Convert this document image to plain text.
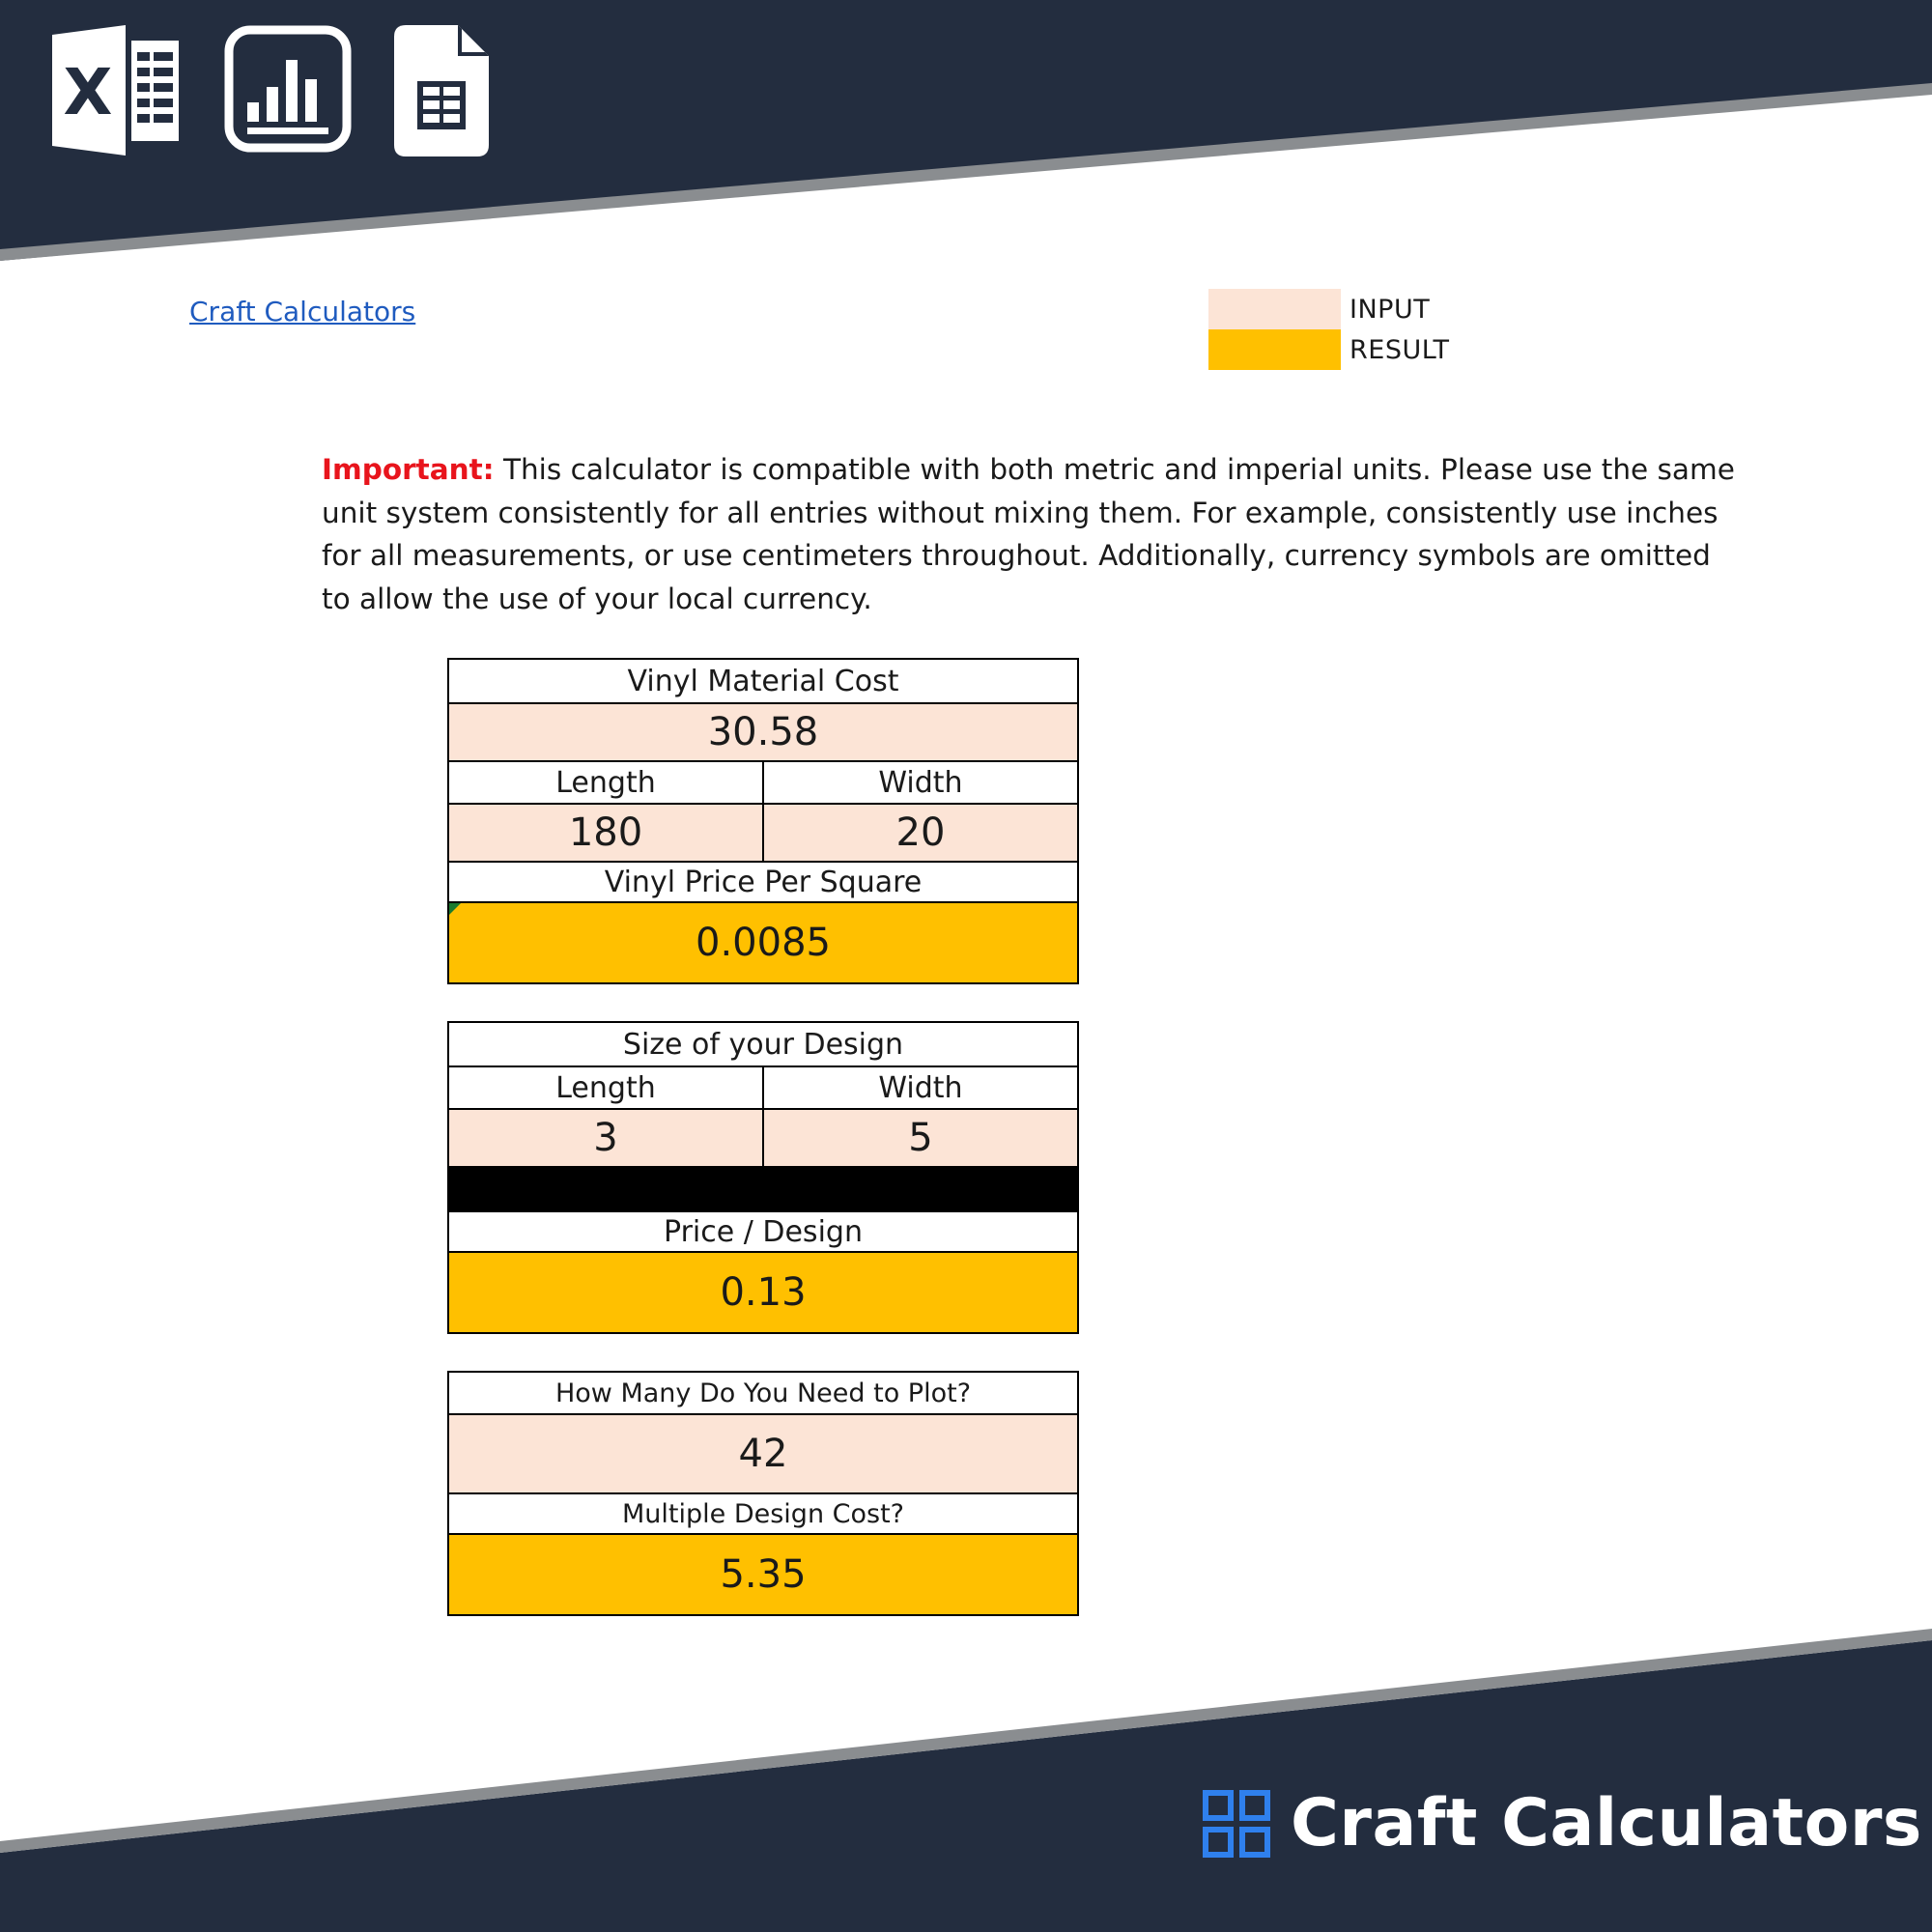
X
Craft Calculators	INPUT
RESULT
Important: This calculator is compatible with both metric and imperial units. Please use the same unit system consistently for all entries without mixing them. For example, consistently use inches for all measurements, or use centimeters throughout. Additionally, currency symbols are omitted to allow the use of your local currency.
Vinyl Material Cost
30.58
Length	Width
180	20
Vinyl Price Per Square
0.0085
Size of your Design
Length	Width
3	5
Price / Design
0.13
How Many Do You Need to Plot?
42
Multiple Design Cost?
5.35
Craft Calculators
